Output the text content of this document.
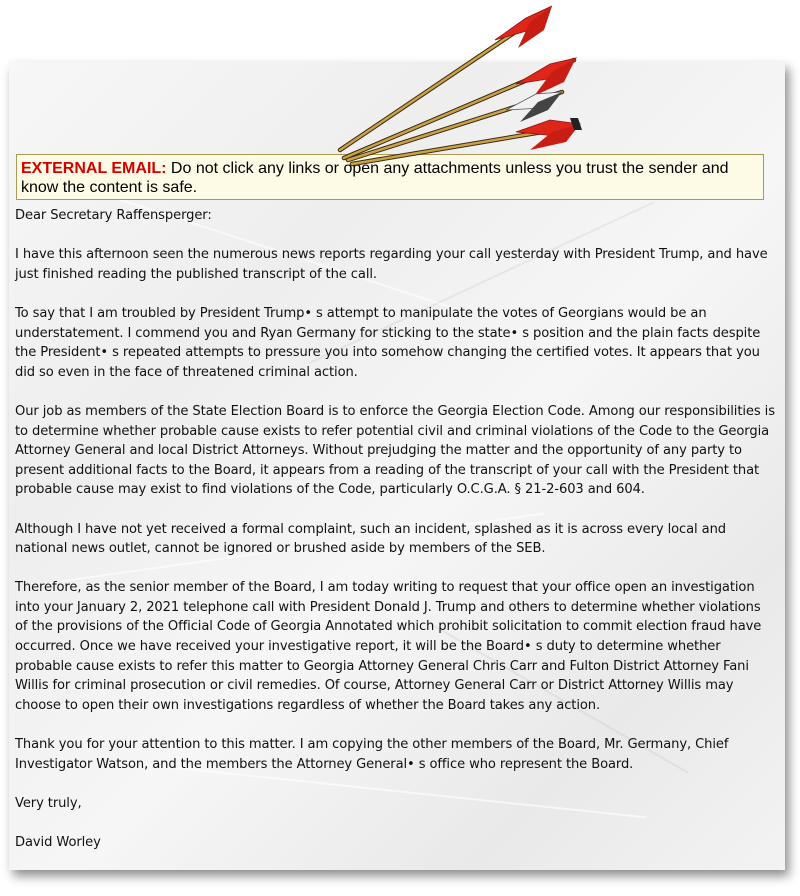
EXTERNAL EMAIL: Do not click any links or open any attachments unless you trust the sender and know the content is safe.

Dear Secretary Raffensperger:

I have this afternoon seen the numerous news reports regarding your call yesterday with President Trump, and have just finished reading the published transcript of the call.

To say that I am troubled by President Trump• s attempt to manipulate the votes of Georgians would be an understatement. I commend you and Ryan Germany for sticking to the state• s position and the plain facts despite the President• s repeated attempts to pressure you into somehow changing the certified votes. It appears that you did so even in the face of threatened criminal action.

Our job as members of the State Election Board is to enforce the Georgia Election Code. Among our responsibilities is to determine whether probable cause exists to refer potential civil and criminal violations of the Code to the Georgia Attorney General and local District Attorneys. Without prejudging the matter and the opportunity of any party to present additional facts to the Board, it appears from a reading of the transcript of your call with the President that probable cause may exist to find violations of the Code, particularly O.C.G.A. § 21-2-603 and 604.

Although I have not yet received a formal complaint, such an incident, splashed as it is across every local and national news outlet, cannot be ignored or brushed aside by members of the SEB.

Therefore, as the senior member of the Board, I am today writing to request that your office open an investigation into your January 2, 2021 telephone call with President Donald J. Trump and others to determine whether violations of the provisions of the Official Code of Georgia Annotated which prohibit solicitation to commit election fraud have occurred. Once we have received your investigative report, it will be the Board• s duty to determine whether probable cause exists to refer this matter to Georgia Attorney General Chris Carr and Fulton District Attorney Fani Willis for criminal prosecution or civil remedies. Of course, Attorney General Carr or District Attorney Willis may choose to open their own investigations regardless of whether the Board takes any action.

Thank you for your attention to this matter. I am copying the other members of the Board, Mr. Germany, Chief Investigator Watson, and the members the Attorney General• s office who represent the Board.

Very truly,

David Worley
